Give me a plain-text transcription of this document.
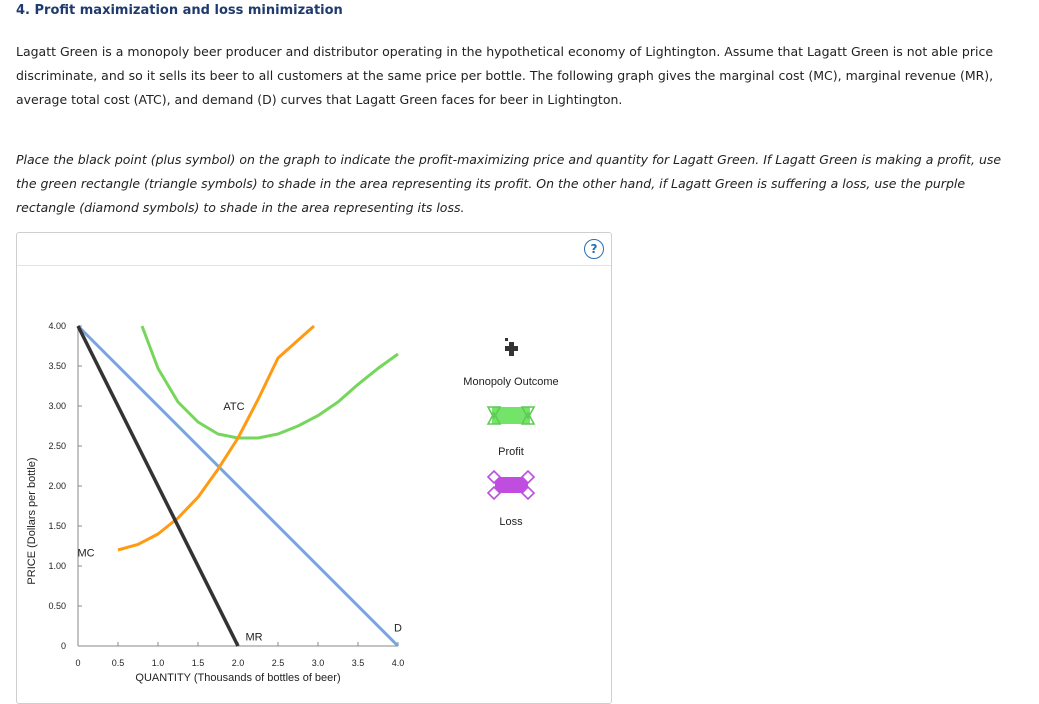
4. Profit maximization and loss minimization

Lagatt Green is a monopoly beer producer and distributor operating in the hypothetical economy of Lightington. Assume that Lagatt Green is not able price discriminate, and so it sells its beer to all customers at the same price per bottle. The following graph gives the marginal cost (MC), marginal revenue (MR), average total cost (ATC), and demand (D) curves that Lagatt Green faces for beer in Lightington.

Place the black point (plus symbol) on the graph to indicate the profit-maximizing price and quantity for Lagatt Green. If Lagatt Green is making a profit, use the green rectangle (triangle symbols) to shade in the area representing its profit. On the other hand, if Lagatt Green is suffering a loss, use the purple rectangle (diamond symbols) to shade in the area representing its loss.

?
0
0.50
1.00
1.50
2.00
2.50
3.00
3.50
4.00
0	0.5	1.0	1.5	2.0	2.5	3.0	3.5	4.0
QUANTITY (Thousands of bottles of beer)
PRICE (Dollars per bottle)
ATC
MC
MR
D
Monopoly Outcome
Profit
Loss
